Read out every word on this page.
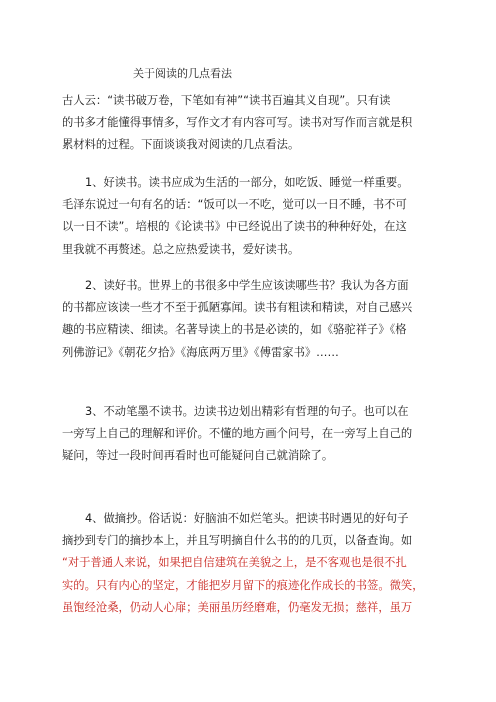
关于阅读的几点看法

古人云：“读书破万卷，下笔如有神”“读书百遍其义自现”。只有读
的书多才能懂得事情多，写作文才有内容可写。读书对写作而言就是积
累材料的过程。下面谈谈我对阅读的几点看法。

1、好读书。读书应成为生活的一部分，如吃饭、睡觉一样重要。
毛泽东说过一句有名的话：“饭可以一不吃，觉可以一日不睡，书不可
以一日不读”。培根的《论读书》中已经说出了读书的种种好处，在这
里我就不再赘述。总之应热爱读书，爱好读书。

2、读好书。世界上的书很多中学生应该读哪些书？我认为各方面
的书都应该读一些才不至于孤陋寡闻。读书有粗读和精读，对自己感兴
趣的书应精读、细读。名著导读上的书是必读的，如《骆驼祥子》《格
列佛游记》《朝花夕拾》《海底两万里》《傅雷家书》……

3、不动笔墨不读书。边读书边划出精彩有哲理的句子。也可以在
一旁写上自己的理解和评价。不懂的地方画个问号，在一旁写上自己的
疑问，等过一段时间再看时也可能疑问自己就消除了。

4、做摘抄。俗话说：好脑油不如烂笔头。把读书时遇见的好句子
摘抄到专门的摘抄本上，并且写明摘自什么书的的几页，以备查询。如
“对于普通人来说，如果把自信建筑在美貌之上，是不客观也是很不扎
实的。只有内心的坚定，才能把岁月留下的痕迹化作成长的书签。微笑，
虽饱经沧桑，仍动人心扉；美丽虽历经磨难，仍毫发无损；慈祥，虽万
